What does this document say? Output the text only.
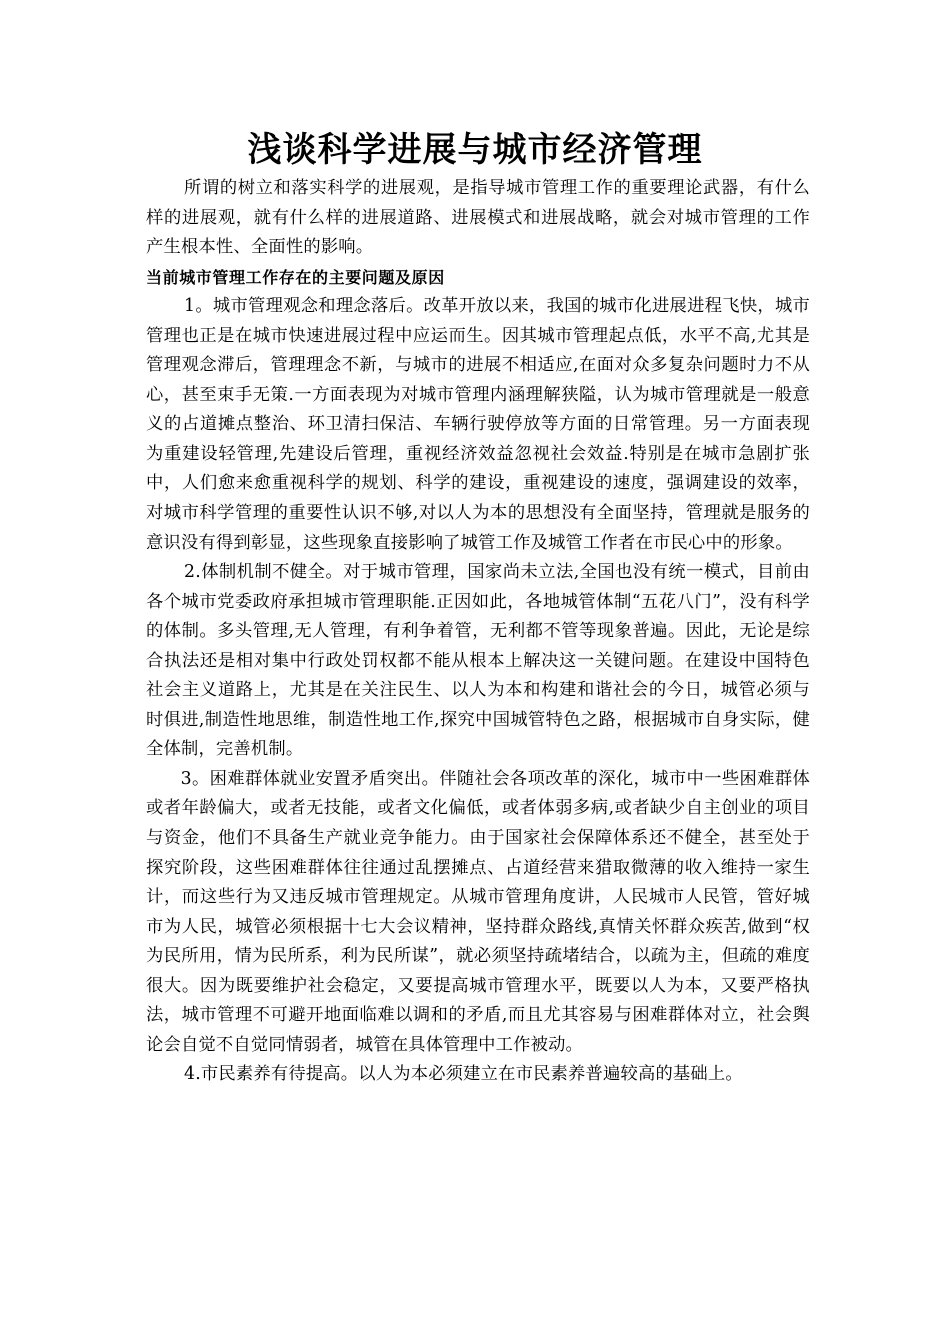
浅谈科学进展与城市经济管理

所谓的树立和落实科学的进展观，是指导城市管理工作的重要理论武器，有什么样的进展观，就有什么样的进展道路、进展模式和进展战略，就会对城市管理的工作产生根本性、全面性的影响。

当前城市管理工作存在的主要问题及原因

1。城市管理观念和理念落后。改革开放以来，我国的城市化进展进程飞快，城市管理也正是在城市快速进展过程中应运而生。因其城市管理起点低，水平不高,尤其是管理观念滞后，管理理念不新，与城市的进展不相适应,在面对众多复杂问题时力不从心，甚至束手无策.一方面表现为对城市管理内涵理解狭隘，认为城市管理就是一般意义的占道摊点整治、环卫清扫保洁、车辆行驶停放等方面的日常管理。另一方面表现为重建设轻管理,先建设后管理，重视经济效益忽视社会效益.特别是在城市急剧扩张中，人们愈来愈重视科学的规划、科学的建设，重视建设的速度，强调建设的效率，对城市科学管理的重要性认识不够,对以人为本的思想没有全面坚持，管理就是服务的意识没有得到彰显，这些现象直接影响了城管工作及城管工作者在市民心中的形象。

2.体制机制不健全。对于城市管理，国家尚未立法,全国也没有统一模式，目前由各个城市党委政府承担城市管理职能.正因如此，各地城管体制“五花八门”，没有科学的体制。多头管理,无人管理，有利争着管，无利都不管等现象普遍。因此，无论是综合执法还是相对集中行政处罚权都不能从根本上解决这一关键问题。在建设中国特色社会主义道路上，尤其是在关注民生、以人为本和构建和谐社会的今日，城管必须与时俱进,制造性地思维，制造性地工作,探究中国城管特色之路，根据城市自身实际，健全体制，完善机制。

3。困难群体就业安置矛盾突出。伴随社会各项改革的深化，城市中一些困难群体或者年龄偏大，或者无技能，或者文化偏低，或者体弱多病,或者缺少自主创业的项目与资金，他们不具备生产就业竞争能力。由于国家社会保障体系还不健全，甚至处于探究阶段，这些困难群体往往通过乱摆摊点、占道经营来猎取微薄的收入维持一家生计，而这些行为又违反城市管理规定。从城市管理角度讲，人民城市人民管，管好城市为人民，城管必须根据十七大会议精神，坚持群众路线,真情关怀群众疾苦,做到“权为民所用，情为民所系，利为民所谋”，就必须坚持疏堵结合，以疏为主，但疏的难度很大。因为既要维护社会稳定，又要提高城市管理水平，既要以人为本，又要严格执法，城市管理不可避开地面临难以调和的矛盾,而且尤其容易与困难群体对立，社会舆论会自觉不自觉同情弱者，城管在具体管理中工作被动。

4.市民素养有待提高。以人为本必须建立在市民素养普遍较高的基础上。
